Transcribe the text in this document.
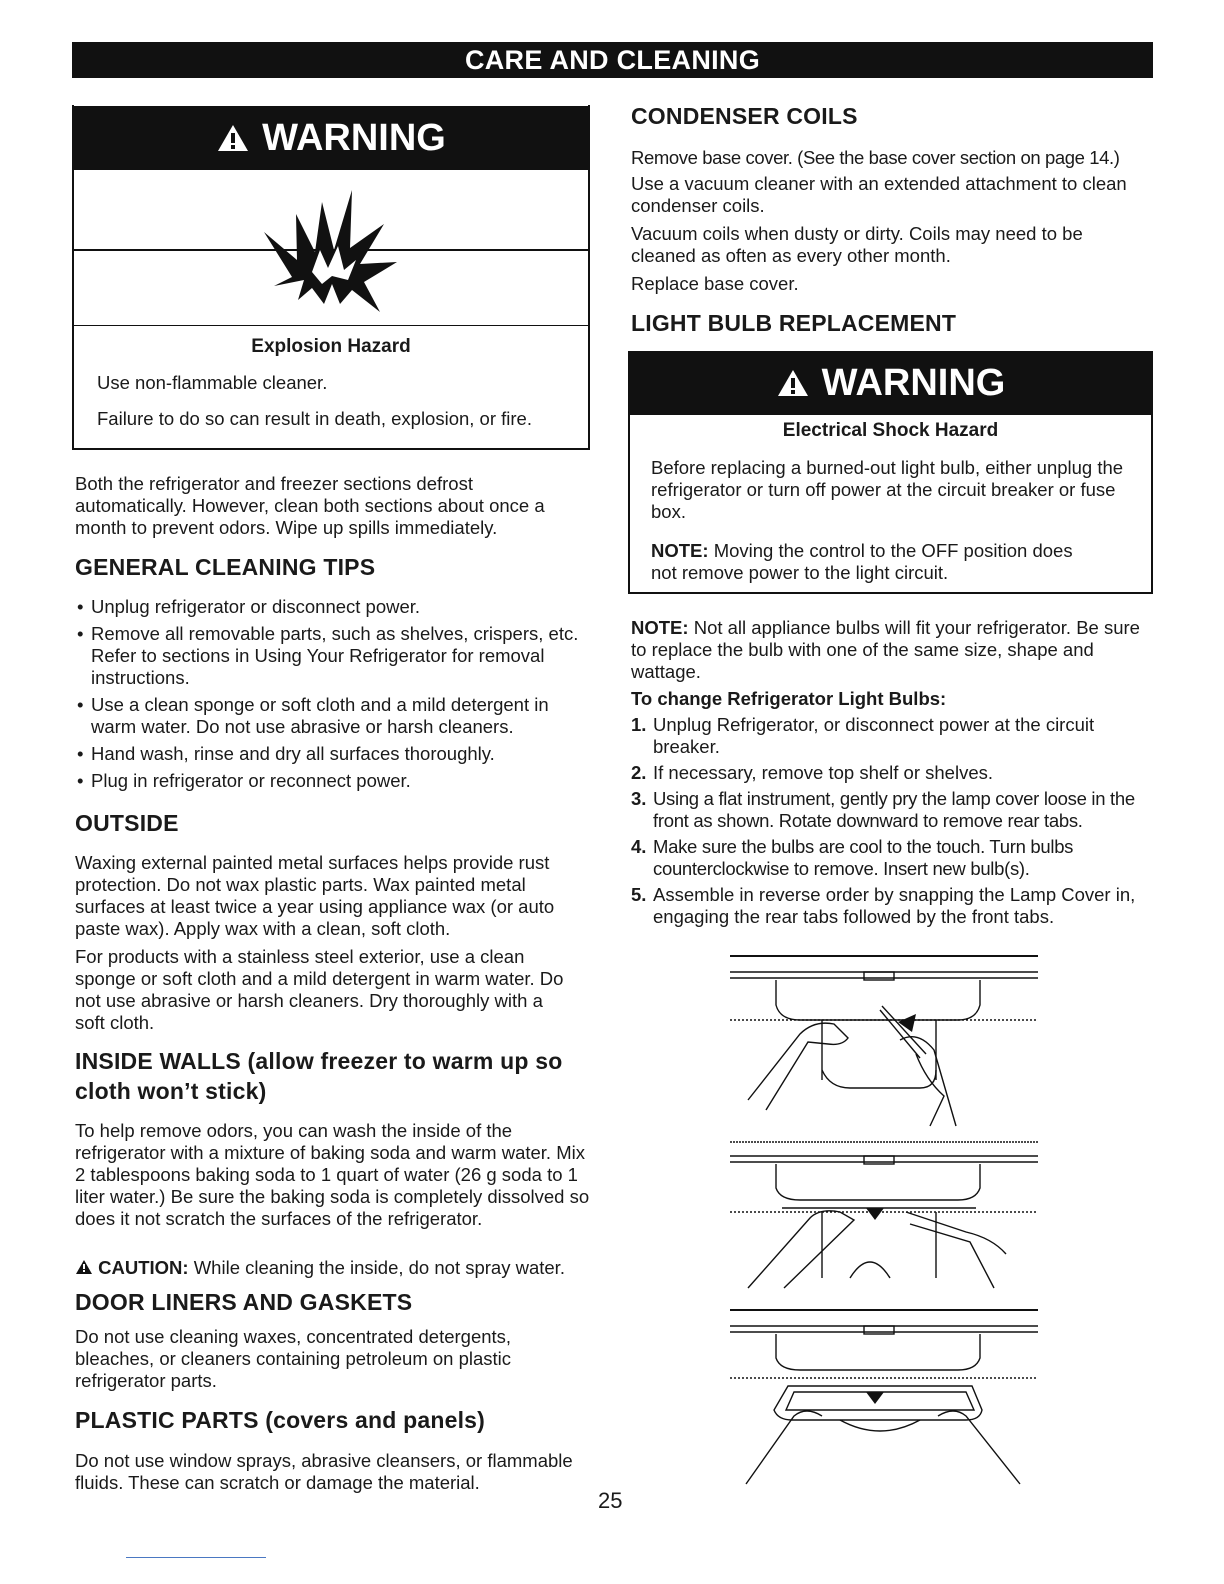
CARE AND CLEANING
WARNING
Explosion Hazard

Use non-flammable cleaner.

Failure to do so can result in death, explosion, or fire.

Both the refrigerator and freezer sections defrost automatically. However, clean both sections about once a month to prevent odors. Wipe up spills immediately.

GENERAL CLEANING TIPS
• Unplug refrigerator or disconnect power.
• Remove all removable parts, such as shelves, crispers, etc. Refer to sections in Using Your Refrigerator for removal instructions.
• Use a clean sponge or soft cloth and a mild detergent in warm water. Do not use abrasive or harsh cleaners.
• Hand wash, rinse and dry all surfaces thoroughly.
• Plug in refrigerator or reconnect power.
OUTSIDE

Waxing external painted metal surfaces helps provide rust protection. Do not wax plastic parts. Wax painted metal surfaces at least twice a year using appliance wax (or auto paste wax). Apply wax with a clean, soft cloth.

For products with a stainless steel exterior, use a clean sponge or soft cloth and a mild detergent in warm water. Do not use abrasive or harsh cleaners. Dry thoroughly with a soft cloth.

INSIDE WALLS (allow freezer to warm up so cloth won’t stick)

To help remove odors, you can wash the inside of the refrigerator with a mixture of baking soda and warm water. Mix 2 tablespoons baking soda to 1 quart of water (26 g soda to 1 liter water.) Be sure the baking soda is completely dissolved so does it not scratch the surfaces of the refrigerator.

CAUTION: While cleaning the inside, do not spray water.

DOOR LINERS AND GASKETS

Do not use cleaning waxes, concentrated detergents, bleaches, or cleaners containing petroleum on plastic refrigerator parts.

PLASTIC PARTS (covers and panels)

Do not use window sprays, abrasive cleansers, or flammable fluids. These can scratch or damage the material.

25
CONDENSER COILS

Remove base cover. (See the base cover section on page 14.)

Use a vacuum cleaner with an extended attachment to clean condenser coils.

Vacuum coils when dusty or dirty. Coils may need to be cleaned as often as every other month.

Replace base cover.

LIGHT BULB REPLACEMENT
WARNING
Electrical Shock Hazard

Before replacing a burned-out light bulb, either unplug the refrigerator or turn off power at the circuit breaker or fuse box.

NOTE: Moving the control to the OFF position does not remove power to the light circuit.

NOTE: Not all appliance bulbs will fit your refrigerator. Be sure to replace the bulb with one of the same size, shape and wattage.

To change Refrigerator Light Bulbs:

1. Unplug Refrigerator, or disconnect power at the circuit breaker.
2. If necessary, remove top shelf or shelves.
3. Using a flat instrument, gently pry the lamp cover loose in the front as shown. Rotate downward to remove rear tabs.
4. Make sure the bulbs are cool to the touch. Turn bulbs counterclockwise to remove. Insert new bulb(s).
5. Assemble in reverse order by snapping the Lamp Cover in, engaging the rear tabs followed by the front tabs.
